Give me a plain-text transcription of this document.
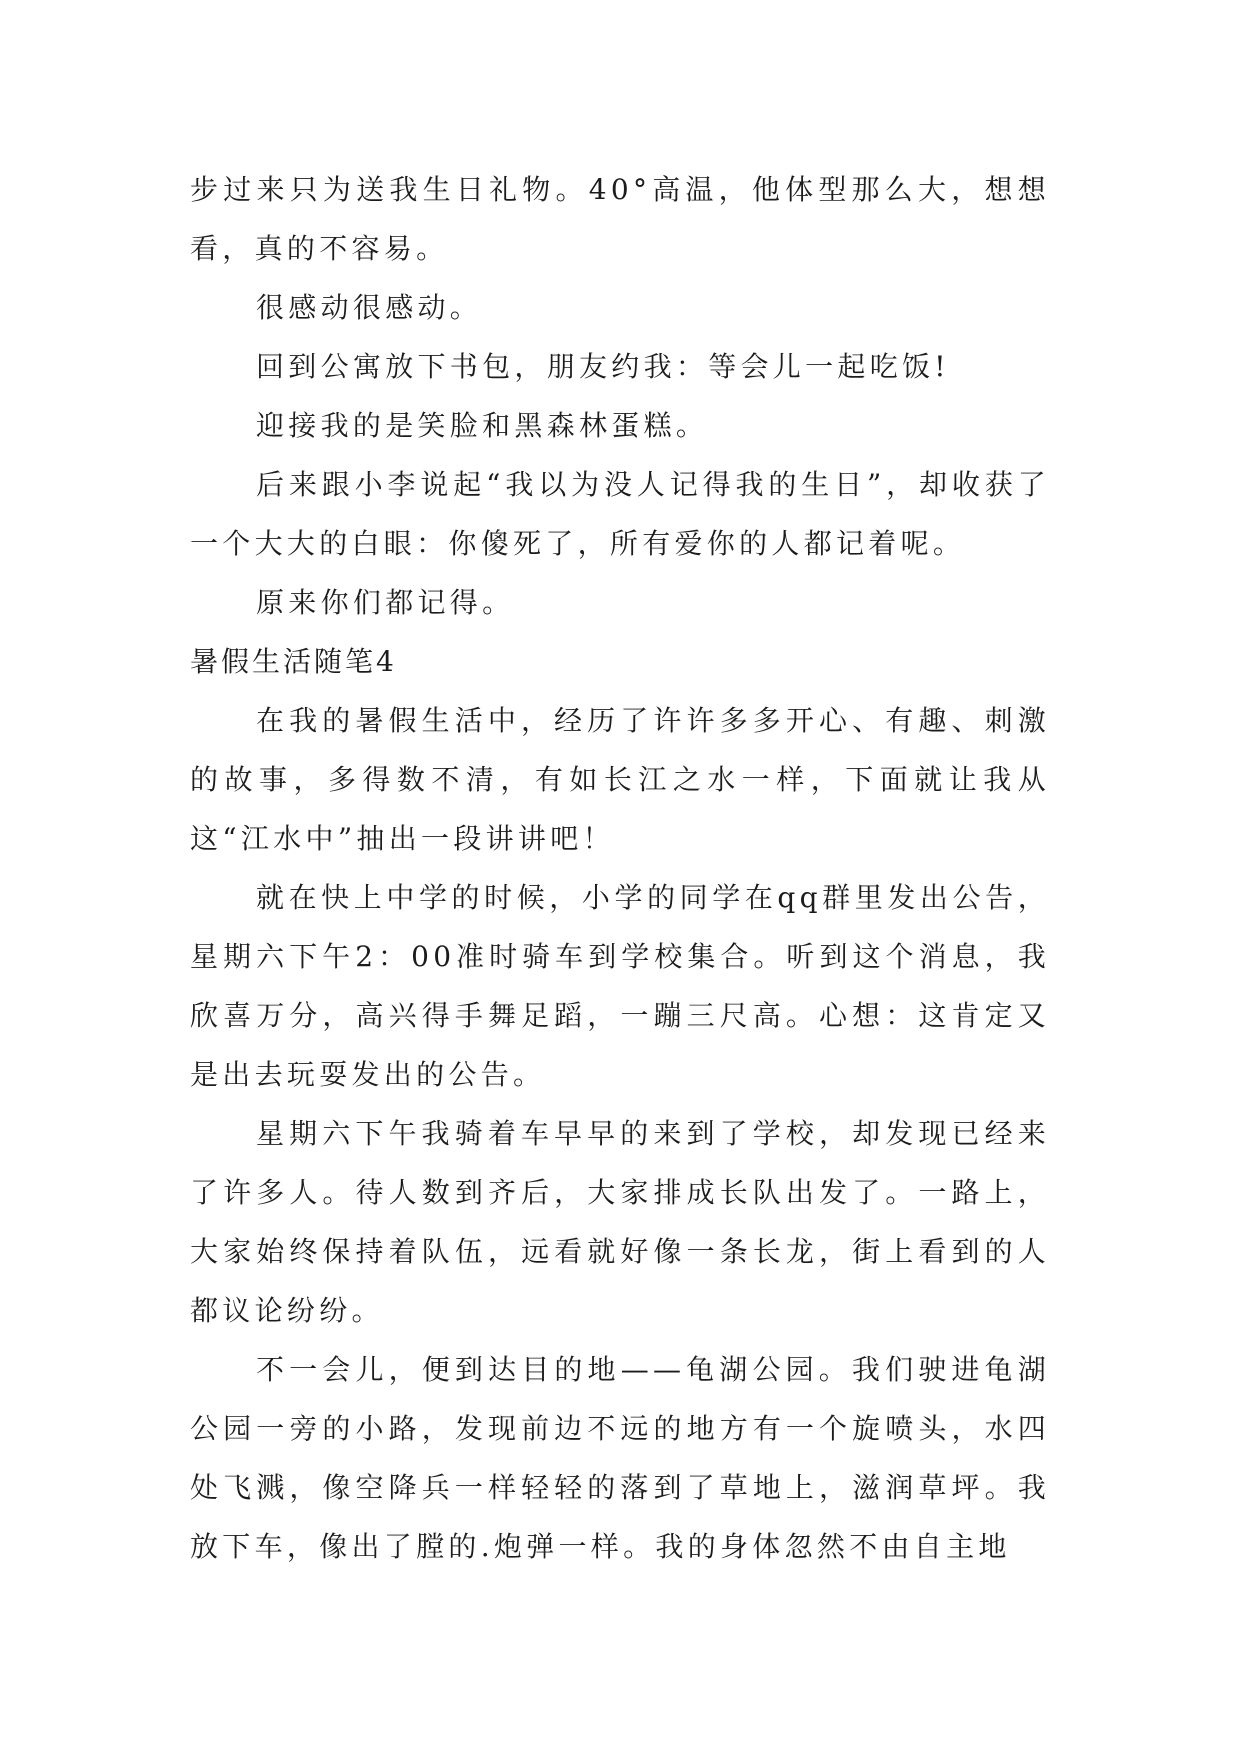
步过来只为送我生日礼物。40°高温，他体型那么大，想想看，真的不容易。

很感动很感动。

回到公寓放下书包，朋友约我：等会儿一起吃饭!

迎接我的是笑脸和黑森林蛋糕。

后来跟小李说起“我以为没人记得我的生日”，却收获了一个大大的白眼：你傻死了，所有爱你的人都记着呢。

原来你们都记得。

暑假生活随笔4

在我的暑假生活中，经历了许许多多开心、有趣、刺激的故事，多得数不清，有如长江之水一样，下面就让我从这“江水中”抽出一段讲讲吧！

就在快上中学的时候，小学的同学在qq群里发出公告，星期六下午2：00准时骑车到学校集合。听到这个消息，我欣喜万分，高兴得手舞足蹈，一蹦三尺高。心想：这肯定又是出去玩耍发出的公告。

星期六下午我骑着车早早的来到了学校，却发现已经来了许多人。待人数到齐后，大家排成长队出发了。一路上，大家始终保持着队伍，远看就好像一条长龙，街上看到的人都议论纷纷。

不一会儿，便到达目的地——龟湖公园。我们驶进龟湖公园一旁的小路，发现前边不远的地方有一个旋喷头，水四处飞溅，像空降兵一样轻轻的落到了草地上，滋润草坪。我放下车，像出了膛的.炮弹一样。我的身体忽然不由自主地
